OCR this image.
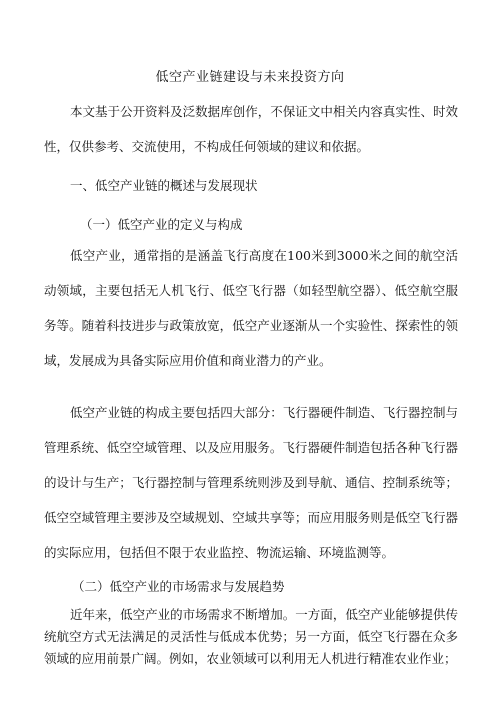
低空产业链建设与未来投资方向

本文基于公开资料及泛数据库创作，不保证文中相关内容真实性、时效性，仅供参考、交流使用，不构成任何领域的建议和依据。

一、低空产业链的概述与发展现状
（一）低空产业的定义与构成

低空产业，通常指的是涵盖飞行高度在100米到3000米之间的航空活动领域，主要包括无人机飞行、低空飞行器（如轻型航空器）、低空航空服务等。随着科技进步与政策放宽，低空产业逐渐从一个实验性、探索性的领域，发展成为具备实际应用价值和商业潜力的产业。

低空产业链的构成主要包括四大部分：飞行器硬件制造、飞行器控制与管理系统、低空空域管理、以及应用服务。飞行器硬件制造包括各种飞行器的设计与生产；飞行器控制与管理系统则涉及到导航、通信、控制系统等；低空空域管理主要涉及空域规划、空域共享等；而应用服务则是低空飞行器的实际应用，包括但不限于农业监控、物流运输、环境监测等。

（二）低空产业的市场需求与发展趋势

近年来，低空产业的市场需求不断增加。一方面，低空产业能够提供传统航空方式无法满足的灵活性与低成本优势；另一方面，低空飞行器在众多领域的应用前景广阔。例如，农业领域可以利用无人机进行精准农业作业；
